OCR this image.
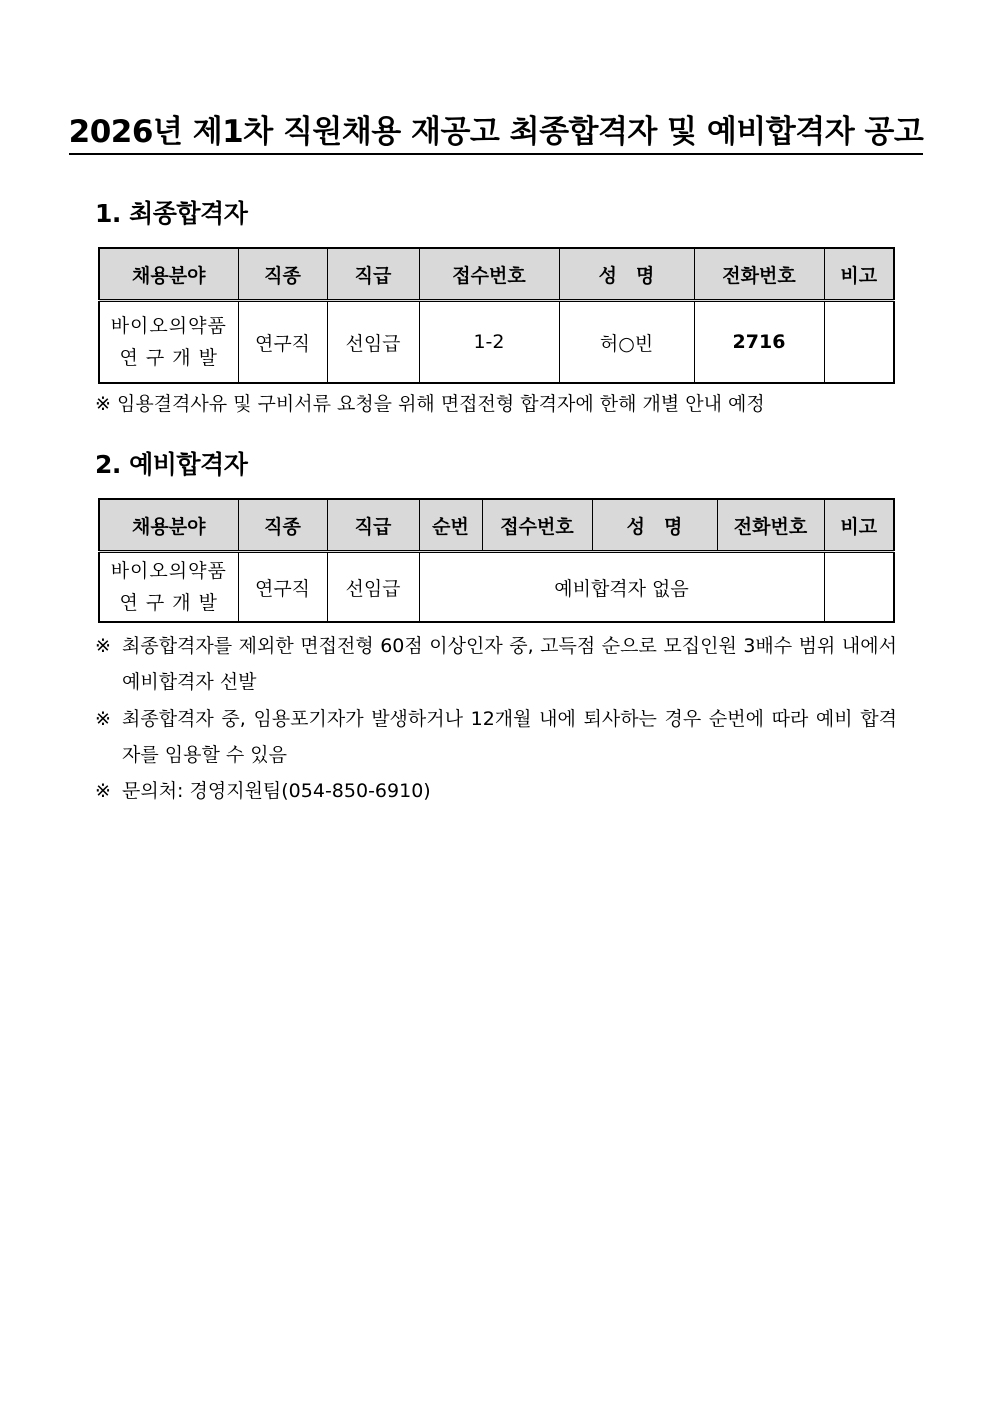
2026년 제1차 직원채용 재공고 최종합격자 및 예비합격자 공고
1. 최종합격자
채용분야	직종	직급	접수번호	성　명	전화번호	비고

바이오의약품
연 구 개 발	연구직	선임급	1-2	허○빈	2716	
※ 임용결격사유 및 구비서류 요청을 위해 면접전형 합격자에 한해 개별 안내 예정
2. 예비합격자
채용분야	직종	직급	순번	접수번호	성　명	전화번호	비고

바이오의약품
연 구 개 발	연구직	선임급	예비합격자 없음				
※ 최종합격자를 제외한 면접전형 60점 이상인자 중, 고득점 순으로 모집인원 3배수 범위 내에서 예비합격자 선발
※ 최종합격자 중, 임용포기자가 발생하거나 12개월 내에 퇴사하는 경우 순번에 따라 예비 합격자를 임용할 수 있음
※ 문의처: 경영지원팀(054-850-6910)
